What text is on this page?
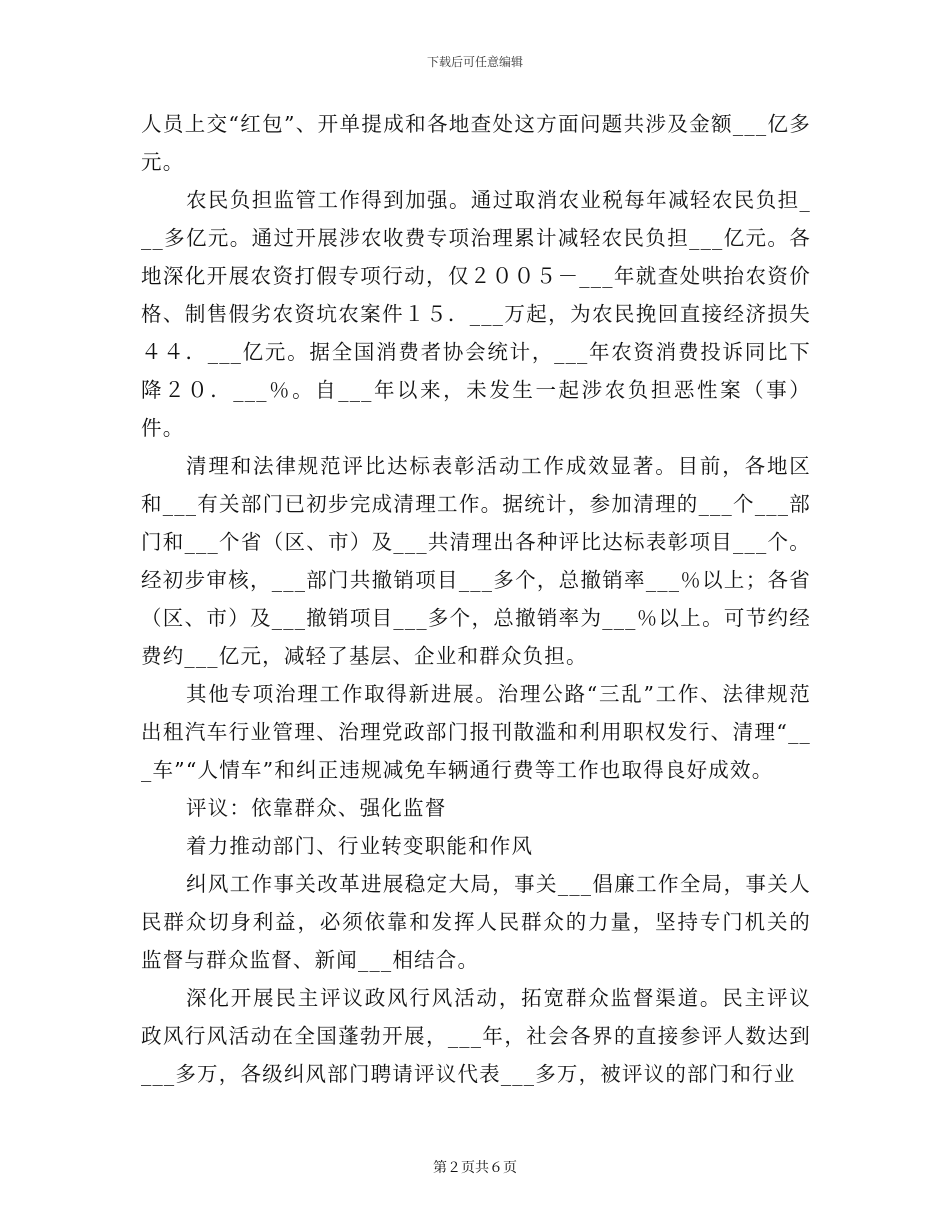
下载后可任意编辑

人员上交“红包”、开单提成和各地查处这方面问题共涉及金额___亿多元。

农民负担监管工作得到加强。通过取消农业税每年减轻农民负担___多亿元。通过开展涉农收费专项治理累计减轻农民负担___亿元。各地深化开展农资打假专项行动，仅２００５－___年就查处哄抬农资价格、制售假劣农资坑农案件１５．___万起，为农民挽回直接经济损失４４．___亿元。据全国消费者协会统计，___年农资消费投诉同比下降２０．___％。自___年以来，未发生一起涉农负担恶性案（事）件。

清理和法律规范评比达标表彰活动工作成效显著。目前，各地区和___有关部门已初步完成清理工作。据统计，参加清理的___个___部门和___个省（区、市）及___共清理出各种评比达标表彰项目___个。经初步审核，___部门共撤销项目___多个，总撤销率___％以上；各省（区、市）及___撤销项目___多个，总撤销率为___％以上。可节约经费约___亿元，减轻了基层、企业和群众负担。

其他专项治理工作取得新进展。治理公路“三乱”工作、法律规范出租汽车行业管理、治理党政部门报刊散滥和利用职权发行、清理“___车”“人情车”和纠正违规减免车辆通行费等工作也取得良好成效。

评议：依靠群众、强化监督

着力推动部门、行业转变职能和作风

纠风工作事关改革进展稳定大局，事关___倡廉工作全局，事关人民群众切身利益，必须依靠和发挥人民群众的力量，坚持专门机关的监督与群众监督、新闻___相结合。

深化开展民主评议政风行风活动，拓宽群众监督渠道。民主评议政风行风活动在全国蓬勃开展，___年，社会各界的直接参评人数达到___多万，各级纠风部门聘请评议代表___多万，被评议的部门和行业

第２页共６页
